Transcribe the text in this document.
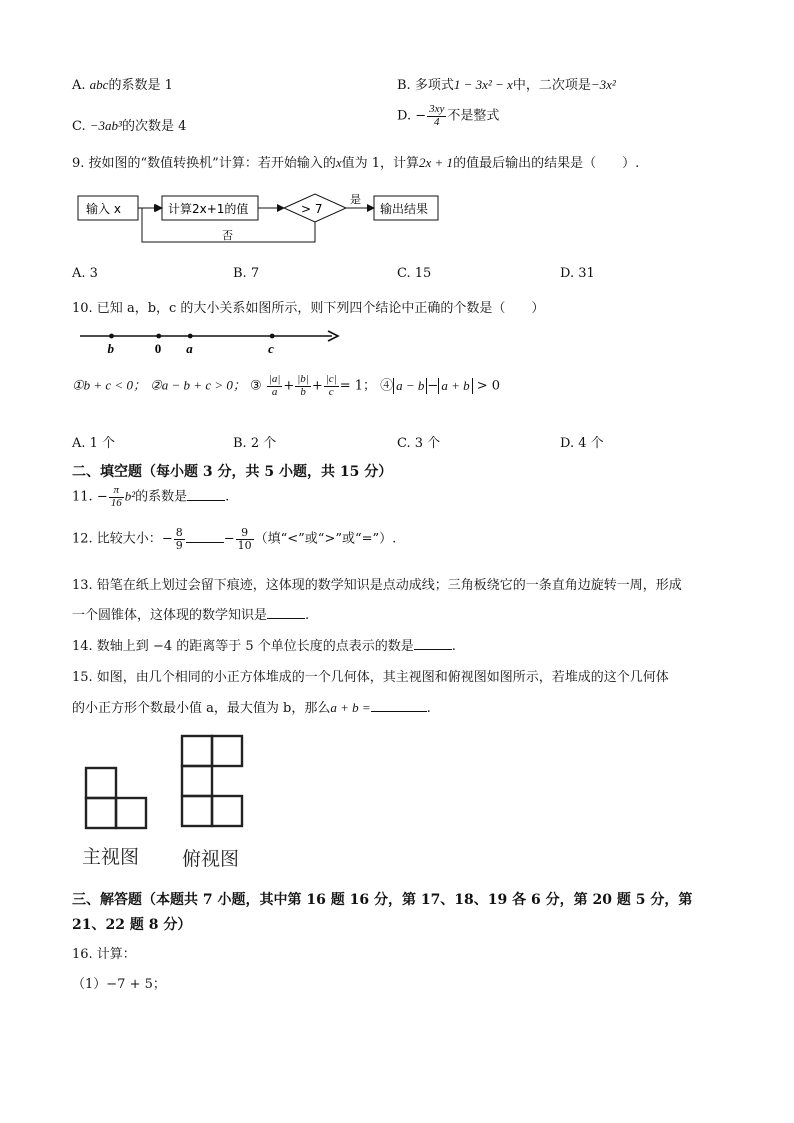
A. abc的系数是 1	B. 多项式1 − 3x² − x中，二次项是−3x²
C. −3ab³的次数是 4
D. − $\frac{3xy}{4}$ 不是整式
9. 按如图的“数值转换机”计算：若开始输入的x值为 1，计算2x + 1的值最后输出的结果是（　　）.
输入 x	计算2x+1的值	> 7
是
输出结果
否
A. 3	B. 7	C. 15	D. 31
10. 已知 a，b，c 的大小关系如图所示，则下列四个结论中正确的个数是（　　）
b	0 a	c
①b + c < 0； ②a − b + c > 0； ③ $\frac{|a|}{a} + \frac{|b|}{b} + \frac{|c|}{c} = 1$； ④ a − b − a + b > 0
A. 1 个	B. 2 个	C. 3 个	D. 4 个
二、填空题（每小题 3 分，共 5 小题，共 15 分）
11. − $\frac{\pi}{16} b^2$的系数是	.
12. 比较大小：− $\frac{8}{9}$	− $\frac{9}{10}$ （填“<”或“>”或“=”）.
13. 铅笔在纸上划过会留下痕迹，这体现的数学知识是点动成线；三角板绕它的一条直角边旋转一周，形成
一个圆锥体，这体现的数学知识是	.
14. 数轴上到 −4 的距离等于 5 个单位长度的点表示的数是	.
15. 如图，由几个相同的小正方体堆成的一个几何体，其主视图和俯视图如图所示，若堆成的这个几何体
的小正方形个数最小值 a，最大值为 b，那么a + b =	.
主视图 俯视图
三、解答题（本题共 7 小题，其中第 16 题 16 分，第 17、18、19 各 6 分，第 20 题 5 分，第
21、22 题 8 分）
16. 计算：
（1）−7 + 5；
